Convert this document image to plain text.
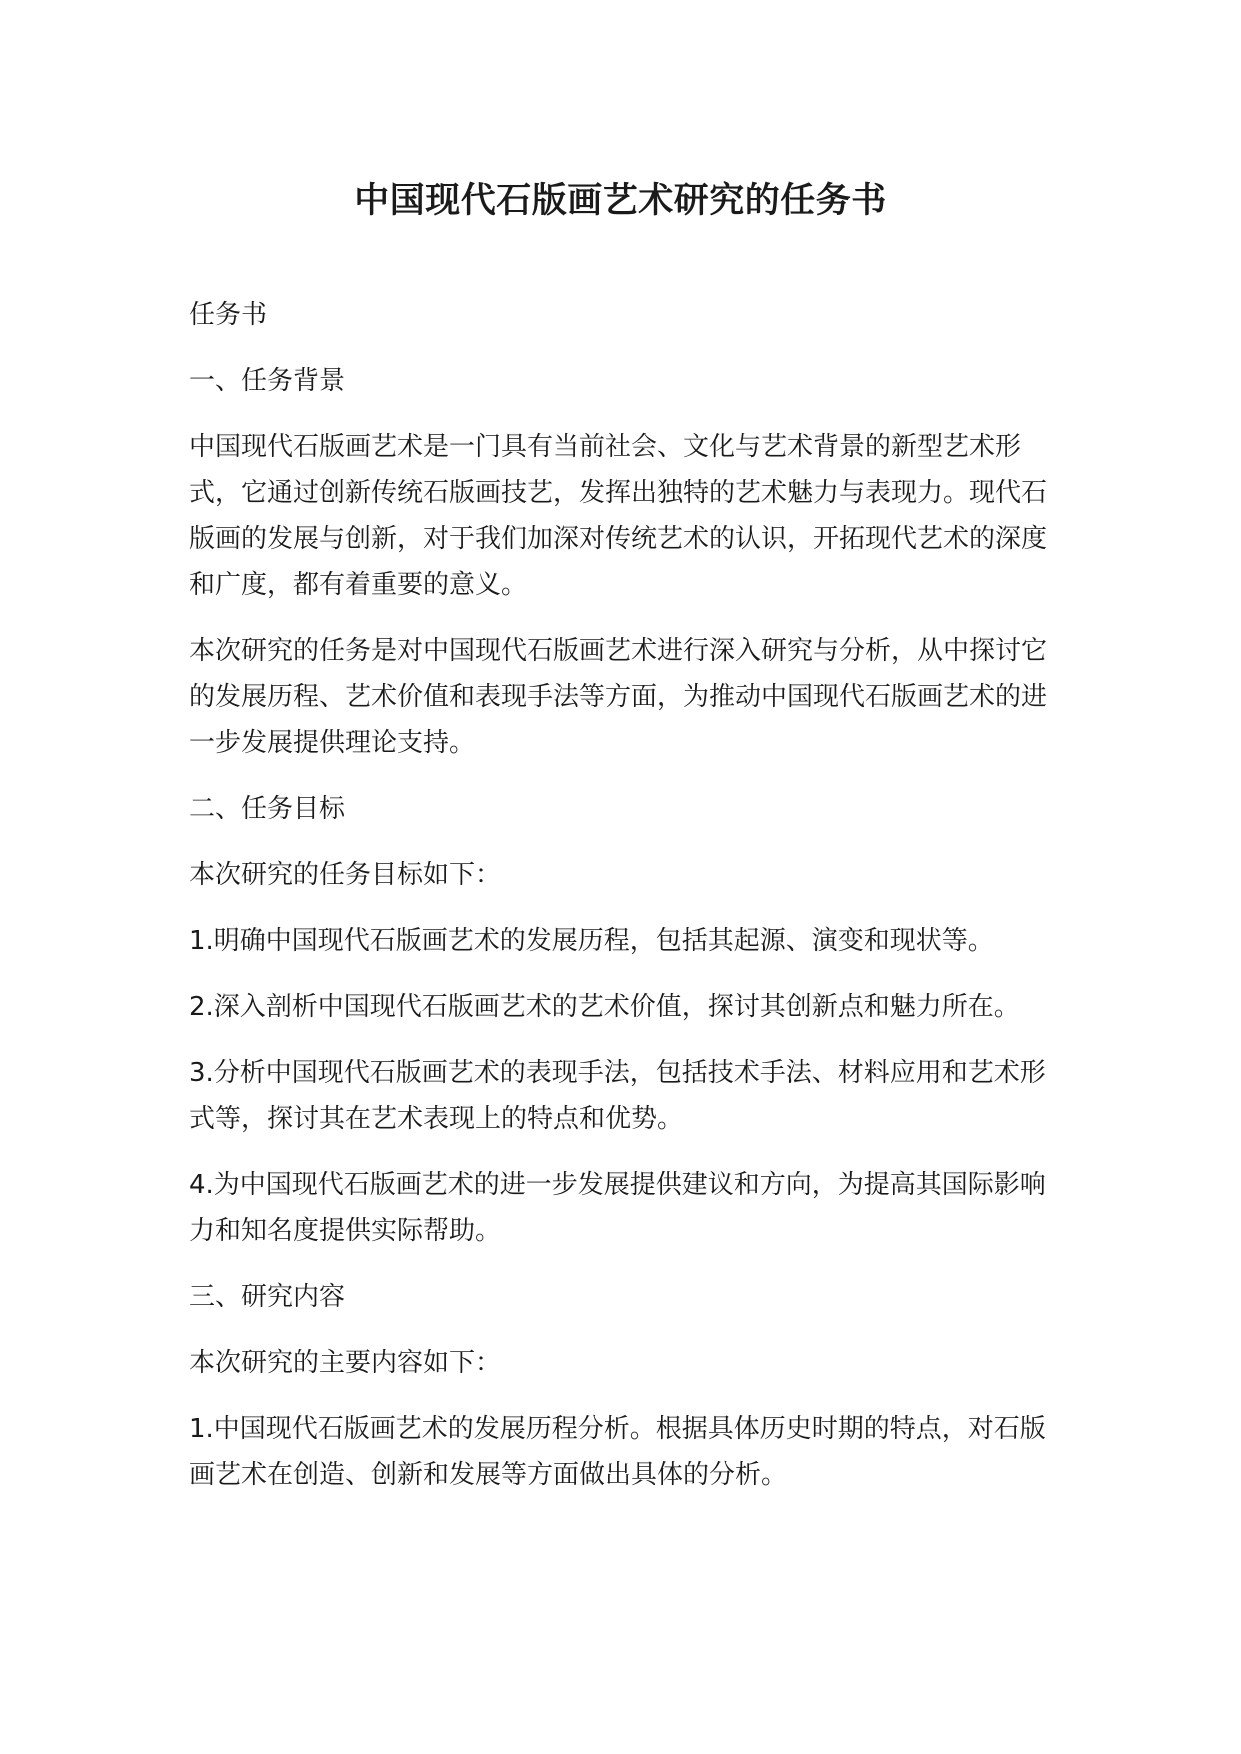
中国现代石版画艺术研究的任务书

任务书

一、任务背景

中国现代石版画艺术是一门具有当前社会、文化与艺术背景的新型艺术形式，它通过创新传统石版画技艺，发挥出独特的艺术魅力与表现力。现代石版画的发展与创新，对于我们加深对传统艺术的认识，开拓现代艺术的深度和广度，都有着重要的意义。

本次研究的任务是对中国现代石版画艺术进行深入研究与分析，从中探讨它的发展历程、艺术价值和表现手法等方面，为推动中国现代石版画艺术的进一步发展提供理论支持。

二、任务目标

本次研究的任务目标如下：

1.明确中国现代石版画艺术的发展历程，包括其起源、演变和现状等。

2.深入剖析中国现代石版画艺术的艺术价值，探讨其创新点和魅力所在。

3.分析中国现代石版画艺术的表现手法，包括技术手法、材料应用和艺术形式等，探讨其在艺术表现上的特点和优势。

4.为中国现代石版画艺术的进一步发展提供建议和方向，为提高其国际影响力和知名度提供实际帮助。

三、研究内容

本次研究的主要内容如下：

1.中国现代石版画艺术的发展历程分析。根据具体历史时期的特点，对石版画艺术在创造、创新和发展等方面做出具体的分析。
